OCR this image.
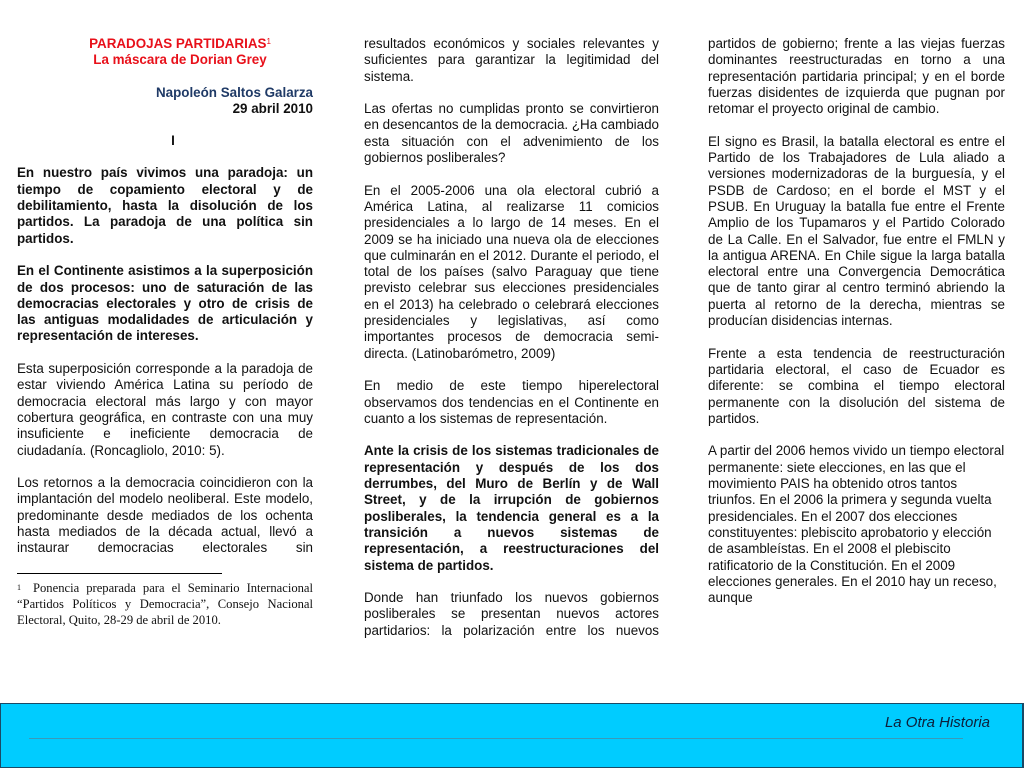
PARADOJAS PARTIDARIAS$^1$
La máscara de Dorian Grey
Napoleón Saltos Galarza
29 abril 2010
I

En nuestro país vivimos una paradoja: un tiempo de copamiento electoral y de debilitamiento, hasta la disolución de los partidos. La paradoja de una política sin partidos.

En el Continente asistimos a la superposición de dos procesos: uno de saturación de las democracias electorales y otro de crisis de las antiguas modalidades de articulación y representación de intereses.

Esta superposición corresponde a la paradoja de estar viviendo América Latina su período de democracia electoral más largo y con mayor cobertura geográfica, en contraste con una muy insuficiente e ineficiente democracia de ciudadanía. (Roncagliolo, 2010: 5).

Los retornos a la democracia coincidieron con la implantación del modelo neoliberal. Este modelo, predominante desde mediados de los ochenta hasta mediados de la década actual, llevó a instaurar democracias electorales sin

$^1$ Ponencia preparada para el Seminario Internacional “Partidos Políticos y Democracia”, Consejo Nacional Electoral, Quito, 28-29 de abril de 2010.

resultados económicos y sociales relevantes y suficientes para garantizar la legitimidad del sistema.

Las ofertas no cumplidas pronto se convirtieron en desencantos de la democracia. ¿Ha cambiado esta situación con el advenimiento de los gobiernos posliberales?

En el 2005-2006 una ola electoral cubrió a América Latina, al realizarse 11 comicios presidenciales a lo largo de 14 meses. En el 2009 se ha iniciado una nueva ola de elecciones que culminarán en el 2012. Durante el periodo, el total de los países (salvo Paraguay que tiene previsto celebrar sus elecciones presidenciales en el 2013) ha celebrado o celebrará elecciones presidenciales y legislativas, así como importantes procesos de democracia semi-directa. (Latinobarómetro, 2009)

En medio de este tiempo hiperelectoral observamos dos tendencias en el Continente en cuanto a los sistemas de representación.

Ante la crisis de los sistemas tradicionales de representación y después de los dos derrumbes, del Muro de Berlín y de Wall Street, y de la irrupción de gobiernos posliberales, la tendencia general es a la transición a nuevos sistemas de representación, a reestructuraciones del sistema de partidos.

Donde han triunfado los nuevos gobiernos posliberales se presentan nuevos actores partidarios: la polarización entre los nuevos

partidos de gobierno; frente a las viejas fuerzas dominantes reestructuradas en torno a una representación partidaria principal; y en el borde fuerzas disidentes de izquierda que pugnan por retomar el proyecto original de cambio.

El signo es Brasil, la batalla electoral es entre el Partido de los Trabajadores de Lula aliado a versiones modernizadoras de la burguesía, y el PSDB de Cardoso; en el borde el MST y el PSUB. En Uruguay la batalla fue entre el Frente Amplio de los Tupamaros y el Partido Colorado de La Calle. En el Salvador, fue entre el FMLN y la antigua ARENA. En Chile sigue la larga batalla electoral entre una Convergencia Democrática que de tanto girar al centro terminó abriendo la puerta al retorno de la derecha, mientras se producían disidencias internas.

Frente a esta tendencia de reestructuración partidaria electoral, el caso de Ecuador es diferente: se combina el tiempo electoral permanente con la disolución del sistema de partidos.

A partir del 2006 hemos vivido un tiempo electoral permanente: siete elecciones, en las que el movimiento PAIS ha obtenido otros tantos triunfos. En el 2006 la primera y segunda vuelta presidenciales. En el 2007 dos elecciones constituyentes: plebiscito aprobatorio y elección de asambleístas. En el 2008 el plebiscito ratificatorio de la Constitución. En el 2009 elecciones generales. En el 2010 hay un receso, aunque

La Otra Historia
